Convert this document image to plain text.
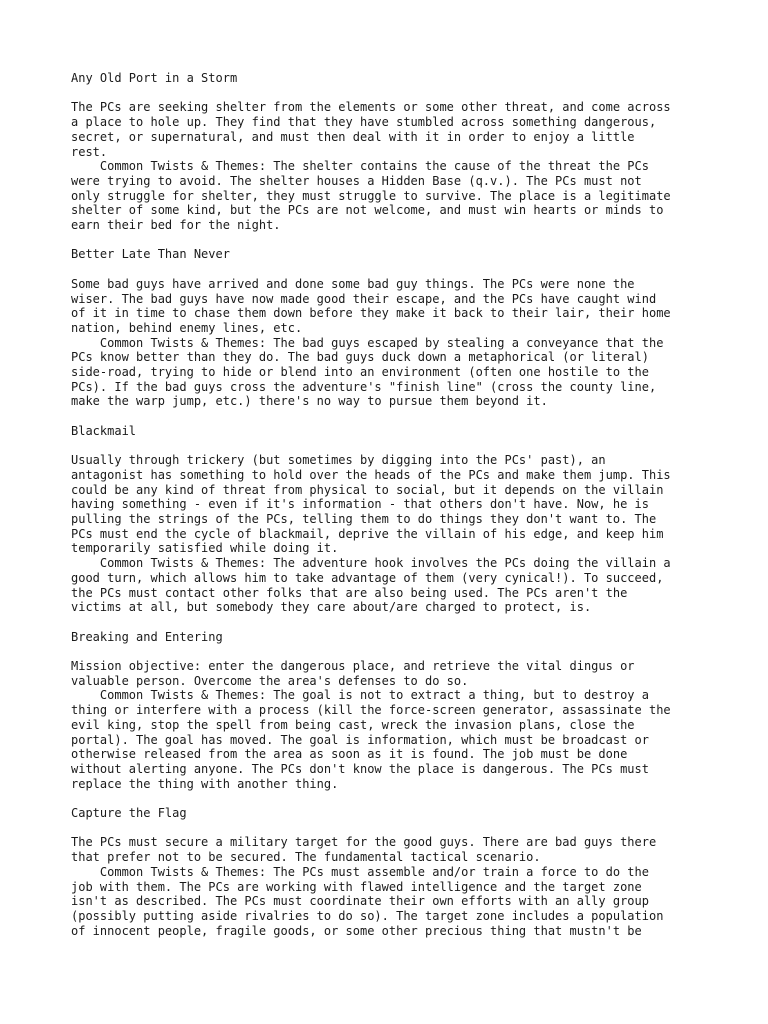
Any Old Port in a Storm
The PCs are seeking shelter from the elements or some other threat, and come across
a place to hole up. They find that they have stumbled across something dangerous,
secret, or supernatural, and must then deal with it in order to enjoy a little
rest.
Common Twists & Themes: The shelter contains the cause of the threat the PCs
were trying to avoid. The shelter houses a Hidden Base (q.v.). The PCs must not
only struggle for shelter, they must struggle to survive. The place is a legitimate
shelter of some kind, but the PCs are not welcome, and must win hearts or minds to
earn their bed for the night.
Better Late Than Never
Some bad guys have arrived and done some bad guy things. The PCs were none the
wiser. The bad guys have now made good their escape, and the PCs have caught wind
of it in time to chase them down before they make it back to their lair, their home
nation, behind enemy lines, etc.
Common Twists & Themes: The bad guys escaped by stealing a conveyance that the
PCs know better than they do. The bad guys duck down a metaphorical (or literal)
side-road, trying to hide or blend into an environment (often one hostile to the
PCs). If the bad guys cross the adventure's "finish line" (cross the county line,
make the warp jump, etc.) there's no way to pursue them beyond it.
Blackmail
Usually through trickery (but sometimes by digging into the PCs' past), an
antagonist has something to hold over the heads of the PCs and make them jump. This
could be any kind of threat from physical to social, but it depends on the villain
having something - even if it's information - that others don't have. Now, he is
pulling the strings of the PCs, telling them to do things they don't want to. The
PCs must end the cycle of blackmail, deprive the villain of his edge, and keep him
temporarily satisfied while doing it.
Common Twists & Themes: The adventure hook involves the PCs doing the villain a
good turn, which allows him to take advantage of them (very cynical!). To succeed,
the PCs must contact other folks that are also being used. The PCs aren't the
victims at all, but somebody they care about/are charged to protect, is.
Breaking and Entering
Mission objective: enter the dangerous place, and retrieve the vital dingus or
valuable person. Overcome the area's defenses to do so.
Common Twists & Themes: The goal is not to extract a thing, but to destroy a
thing or interfere with a process (kill the force-screen generator, assassinate the
evil king, stop the spell from being cast, wreck the invasion plans, close the
portal). The goal has moved. The goal is information, which must be broadcast or
otherwise released from the area as soon as it is found. The job must be done
without alerting anyone. The PCs don't know the place is dangerous. The PCs must
replace the thing with another thing.
Capture the Flag
The PCs must secure a military target for the good guys. There are bad guys there
that prefer not to be secured. The fundamental tactical scenario.
Common Twists & Themes: The PCs must assemble and/or train a force to do the
job with them. The PCs are working with flawed intelligence and the target zone
isn't as described. The PCs must coordinate their own efforts with an ally group
(possibly putting aside rivalries to do so). The target zone includes a population
of innocent people, fragile goods, or some other precious thing that mustn't be
